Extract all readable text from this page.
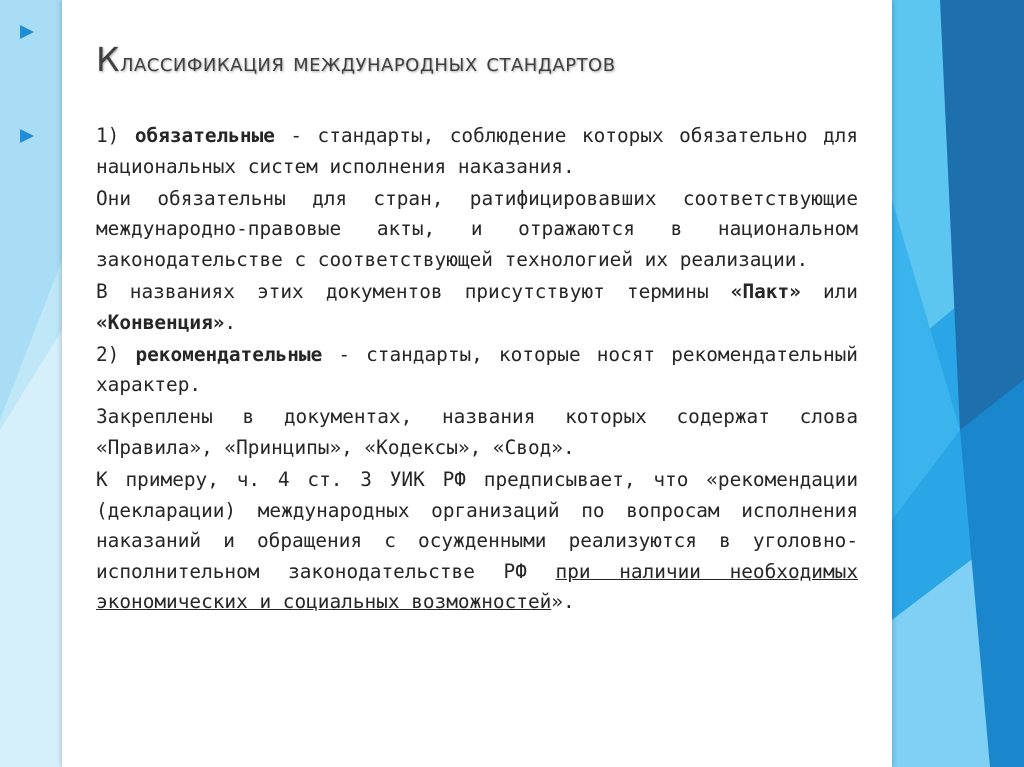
Классификация международных стандартов

1) обязательные - стандарты, соблюдение которых обязательно для национальных систем исполнения наказания.

Они обязательны для стран, ратифицировавших соответствующие международно-правовые акты, и отражаются в национальном законодательстве с соответствующей технологией их реализации.

В названиях этих документов присутствуют термины «Пакт» или «Конвенция».

2) рекомендательные - стандарты, которые носят рекомендательный характер.

Закреплены в документах, названия которых содержат слова «Правила», «Принципы», «Кодексы», «Свод».

К примеру, ч. 4 ст. 3 УИК РФ предписывает, что «рекомендации (декларации) международных организаций по вопросам исполнения наказаний и обращения с осужденными реализуются в уголовно-исполнительном законодательстве РФ при наличии необходимых экономических и социальных возможностей».
